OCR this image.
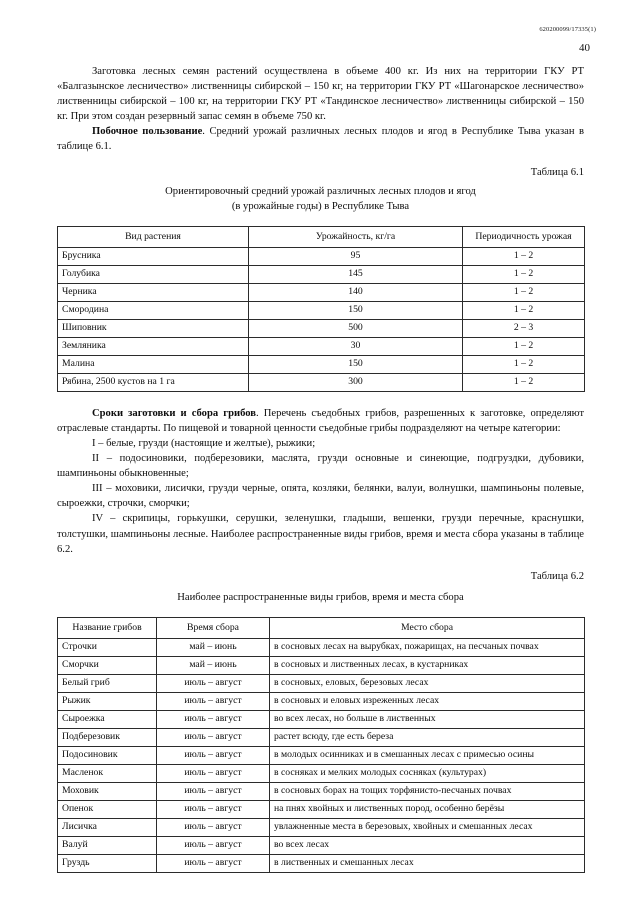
620200099/17335(1)
40

Заготовка лесных семян растений осуществлена в объеме 400 кг. Из них на территории ГКУ РТ «Балгазынское лесничество» лиственницы сибирской – 150 кг, на территории ГКУ РТ «Шагонарское лесничество» лиственницы сибирской – 100 кг, на территории ГКУ РТ «Тандинское лесничество» лиственницы сибирской – 150 кг. При этом создан резервный запас семян в объеме 750 кг.

Побочное пользование. Средний урожай различных лесных плодов и ягод в Республике Тыва указан в таблице 6.1.

Таблица 6.1

Ориентировочный средний урожай различных лесных плодов и ягод

(в урожайные годы) в Республике Тыва

Вид растения	Урожайность, кг/га	Периодичность урожая
Брусника	95	1 – 2
Голубика	145	1 – 2
Черника	140	1 – 2
Смородина	150	1 – 2
Шиповник	500	2 – 3
Земляника	30	1 – 2
Малина	150	1 – 2
Рябина, 2500 кустов на 1 га	300	1 – 2

Сроки заготовки и сбора грибов. Перечень съедобных грибов, разрешенных к заготовке, определяют отраслевые стандарты. По пищевой и товарной ценности съедобные грибы подразделяют на четыре категории:

I – белые, грузди (настоящие и желтые), рыжики;

II – подосиновики, подберезовики, маслята, грузди основные и синеющие, подгруздки, дубовики, шампиньоны обыкновенные;

III – моховики, лисички, грузди черные, опята, козляки, белянки, валуи, волнушки, шампиньоны полевые, сыроежки, строчки, сморчки;

IV – скрипицы, горькушки, серушки, зеленушки, гладыши, вешенки, грузди перечные, краснушки, толстушки, шампиньоны лесные. Наиболее распространенные виды грибов, время и места сбора указаны в таблице 6.2.

Таблица 6.2

Наиболее распространенные виды грибов, время и места сбора

Название грибов	Время сбора	Место сбора
Строчки	май – июнь	в сосновых лесах на вырубках, пожарищах, на песчаных почвах
Сморчки	май – июнь	в сосновых и лиственных лесах, в кустарниках
Белый гриб	июль – август	в сосновых, еловых, березовых лесах
Рыжик	июль – август	в сосновых и еловых изреженных лесах
Сыроежка	июль – август	во всех лесах, но больше в лиственных
Подберезовик	июль – август	растет всюду, где есть береза
Подосиновик	июль – август	в молодых осинниках и в смешанных лесах с примесью осины
Масленок	июль – август	в сосняках и мелких молодых сосняках (культурах)
Моховик	июль – август	в сосновых борах на тощих торфянисто-песчаных почвах
Опенок	июль – август	на пнях хвойных и лиственных пород, особенно берёзы
Лисичка	июль – август	увлажненные места в березовых, хвойных и смешанных лесах
Валуй	июль – август	во всех лесах
Груздь	июль – август	в лиственных и смешанных лесах
